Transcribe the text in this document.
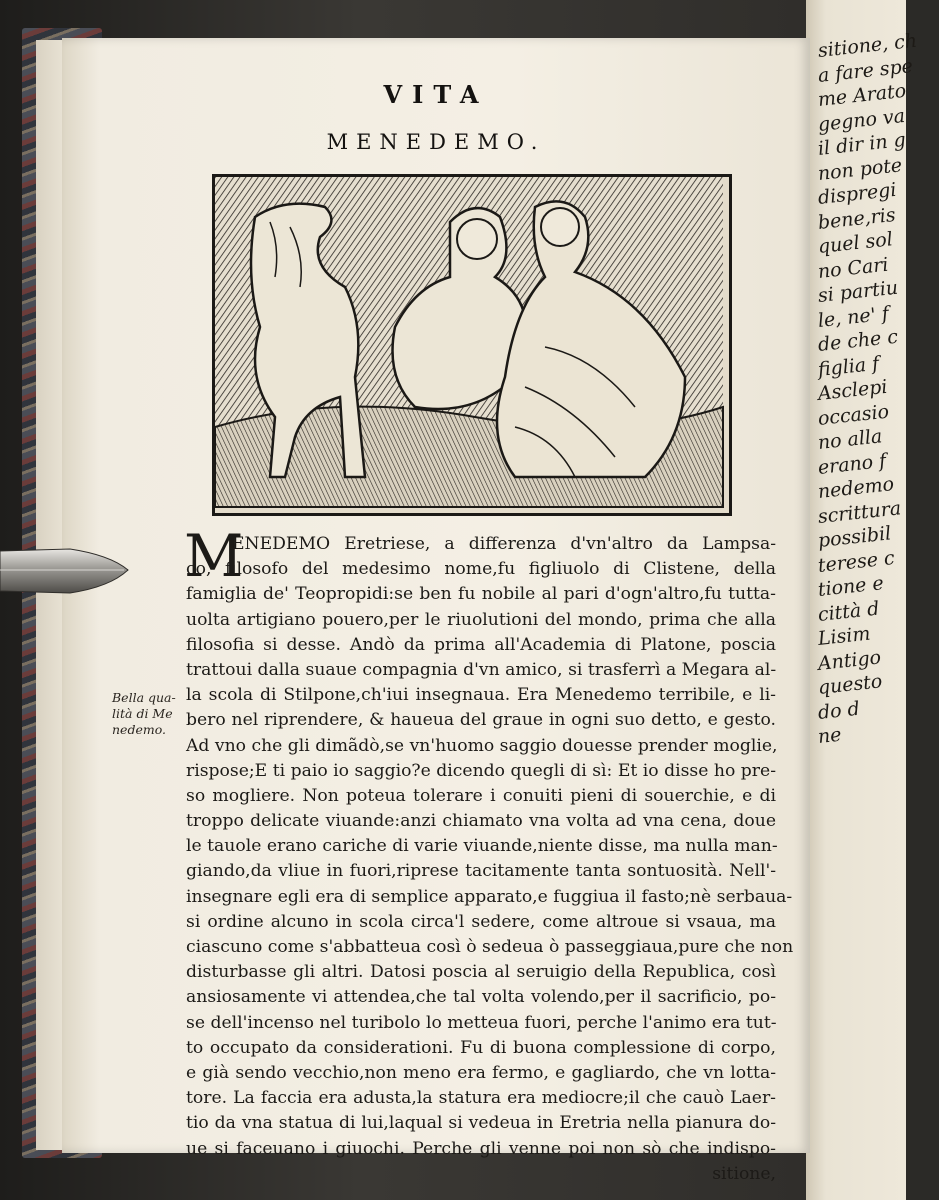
sitione, ch
a fare spe
me Arato
gegno va
il dir in g
non pote
dispregi
bene,ris
quel sol
no Cari
si partiu
le, ne' f
de che c
figlia f
Asclepi
occasio
no alla
erano f
nedemo
scrittura
possibil
terese c
tione e
città d
Lisim
Antigo
questo
do d
ne
VITA
MENEDEMO.
Bella qua-
lità di Me
nedemo.
M
ENEDEMO Eretriese, a differenza d'vn'altro da Lampsa-
co, filosofo del medesimo nome,fu figliuolo di Clistene, della
famiglia de' Teopropidi:se ben fu nobile al pari d'ogn'altro,fu tutta-
uolta artigiano pouero,per le riuolutioni del mondo, prima che alla
filosofia si desse. Andò da prima all'Academia di Platone, poscia
trattoui dalla suaue compagnia d'vn amico, si trasferrì a Megara al-
la scola di Stilpone,ch'iui insegnaua. Era Menedemo terribile, e li-
bero nel riprendere, & haueua del graue in ogni suo detto, e gesto.
Ad vno che gli dimãdò,se vn'huomo saggio douesse prender moglie,
rispose;E ti paio io saggio?e dicendo quegli di sì: Et io disse ho pre-
so mogliere. Non poteua tolerare i conuiti pieni di souerchie, e di
troppo delicate viuande:anzi chiamato vna volta ad vna cena, doue
le tauole erano cariche di varie viuande,niente disse, ma nulla man-
giando,da vliue in fuori,riprese tacitamente tanta sontuosità. Nell'-
insegnare egli era di semplice apparato,e fuggiua il fasto;nè serbaua-
si ordine alcuno in scola circa'l sedere, come altroue si vsaua, ma
ciascuno come s'abbatteua così ò sedeua ò passeggiaua,pure che non
disturbasse gli altri. Datosi poscia al seruigio della Republica, così
ansiosamente vi attendea,che tal volta volendo,per il sacrificio, po-
se dell'incenso nel turibolo lo metteua fuori, perche l'animo era tut-
to occupato da considerationi. Fu di buona complessione di corpo,
e già sendo vecchio,non meno era fermo, e gagliardo, che vn lotta-
tore. La faccia era adusta,la statura era mediocre;il che cauò Laer-
tio da vna statua di lui,laqual si vedeua in Eretria nella pianura do-
ue si faceuano i giuochi. Perche gli venne poi non sò che indispo-
sitione,
